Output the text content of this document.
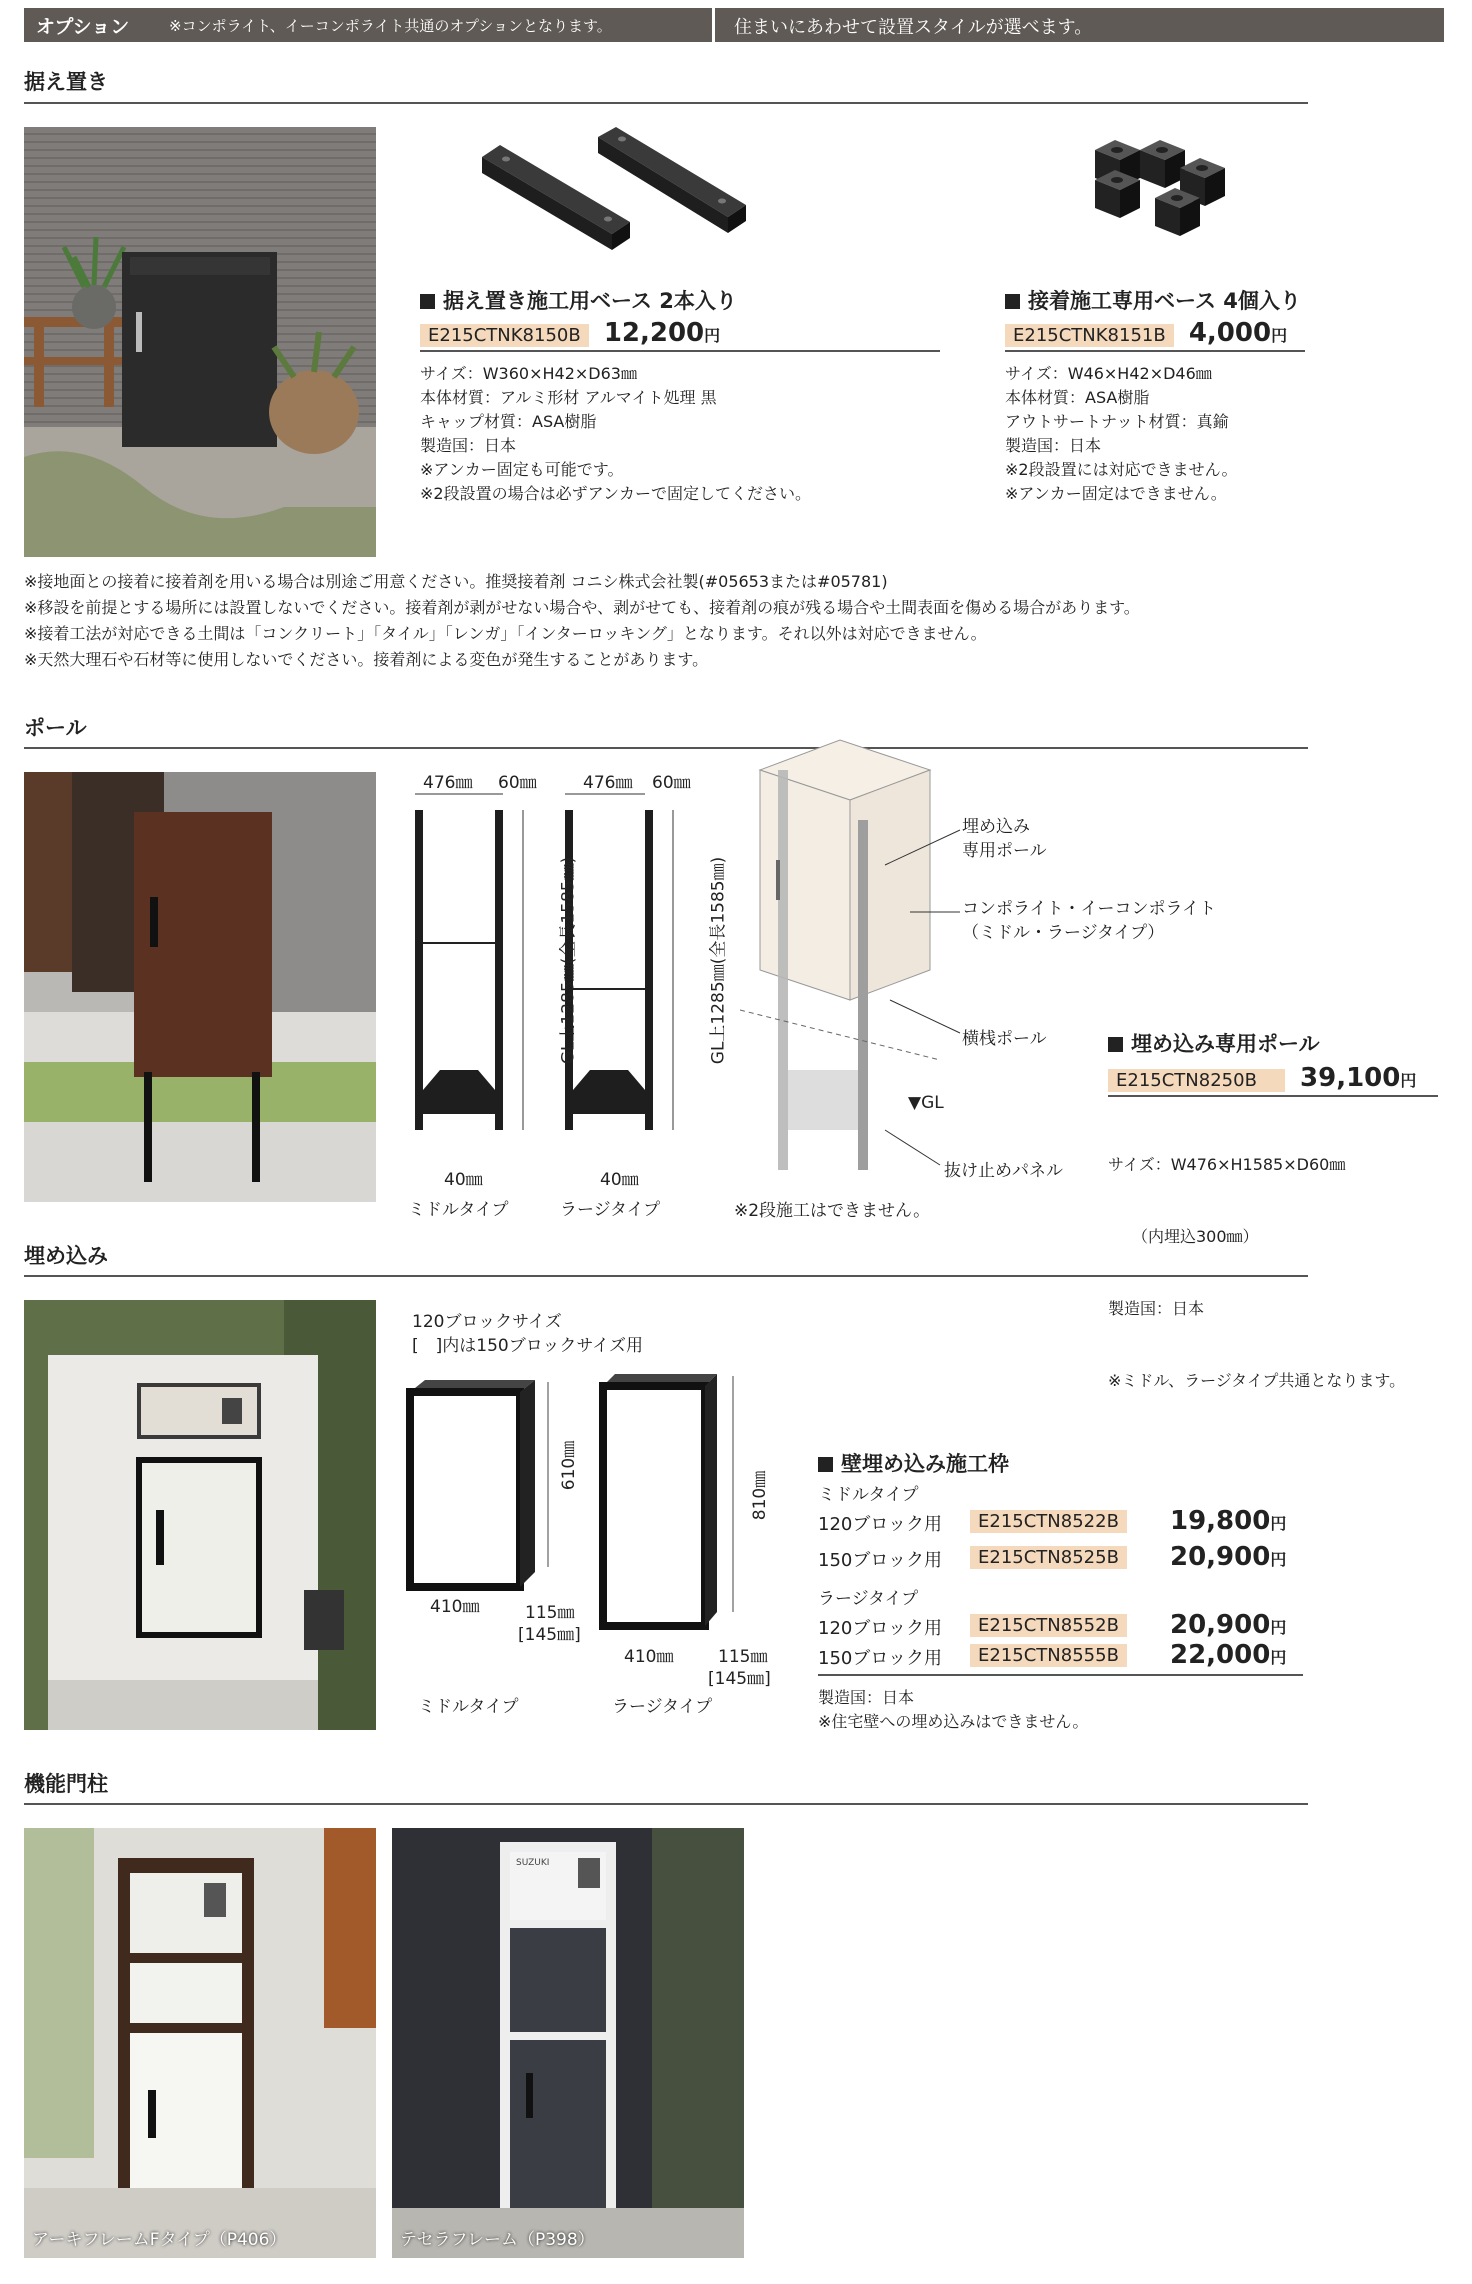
オプション	※コンポライト、イーコンポライト共通のオプションとなります。	住まいにあわせて設置スタイルが選べます。
据え置き
据え置き施工用ベース 2本入り
E215CTNK8150B 12,200円
サイズ：W360×H42×D63㎜
本体材質：アルミ形材 アルマイト処理 黒
キャップ材質：ASA樹脂
製造国：日本
※アンカー固定も可能です。
※2段設置の場合は必ずアンカーで固定してください。
接着施工専用ベース 4個入り
E215CTNK8151B 4,000円
サイズ：W46×H42×D46㎜
本体材質：ASA樹脂
アウトサートナット材質：真鍮
製造国：日本
※2段設置には対応できません。
※アンカー固定はできません。
※接地面との接着に接着剤を用いる場合は別途ご用意ください。推奨接着剤 コニシ株式会社製(#05653または#05781)
※移設を前提とする場所には設置しないでください。接着剤が剥がせない場合や、剥がせても、接着剤の痕が残る場合や土間表面を傷める場合があります。
※接着工法が対応できる土間は「コンクリート」「タイル」「レンガ」「インターロッキング」となります。それ以外は対応できません。
※天然大理石や石材等に使用しないでください。接着剤による変色が発生することがあります。
ポール
476㎜ 60㎜	476㎜ 60㎜
GL上1285㎜(全長1585㎜)	GL上1285㎜(全長1585㎜)
40㎜	40㎜
ミドルタイプ	ラージタイプ
埋め込み
専用ポール
コンポライト・イーコンポライト
（ミドル・ラージタイプ）
横桟ポール
▼GL
抜け止めパネル
※2段施工はできません。
埋め込み専用ポール
E215CTN8250B 39,100円

サイズ：W476×H1585×D60㎜

　　（内埋込300㎜）

製造国：日本

※ミドル、ラージタイプ共通となります。

埋め込み
120ブロックサイズ
[　]内は150ブロックサイズ用
610㎜
810㎜
410㎜	115㎜
[145㎜]
410㎜	115㎜
[145㎜]
ミドルタイプ	ラージタイプ
壁埋め込み施工枠
ミドルタイプ
120ブロック用	E215CTN8522B	19,800円
150ブロック用	E215CTN8525B	20,900円
ラージタイプ
120ブロック用	E215CTN8552B	20,900円
150ブロック用	E215CTN8555B	22,000円
製造国：日本
※住宅壁への埋め込みはできません。
機能門柱
アーキフレームFタイプ（P406）
SUZUKI
テセラフレーム（P398）
